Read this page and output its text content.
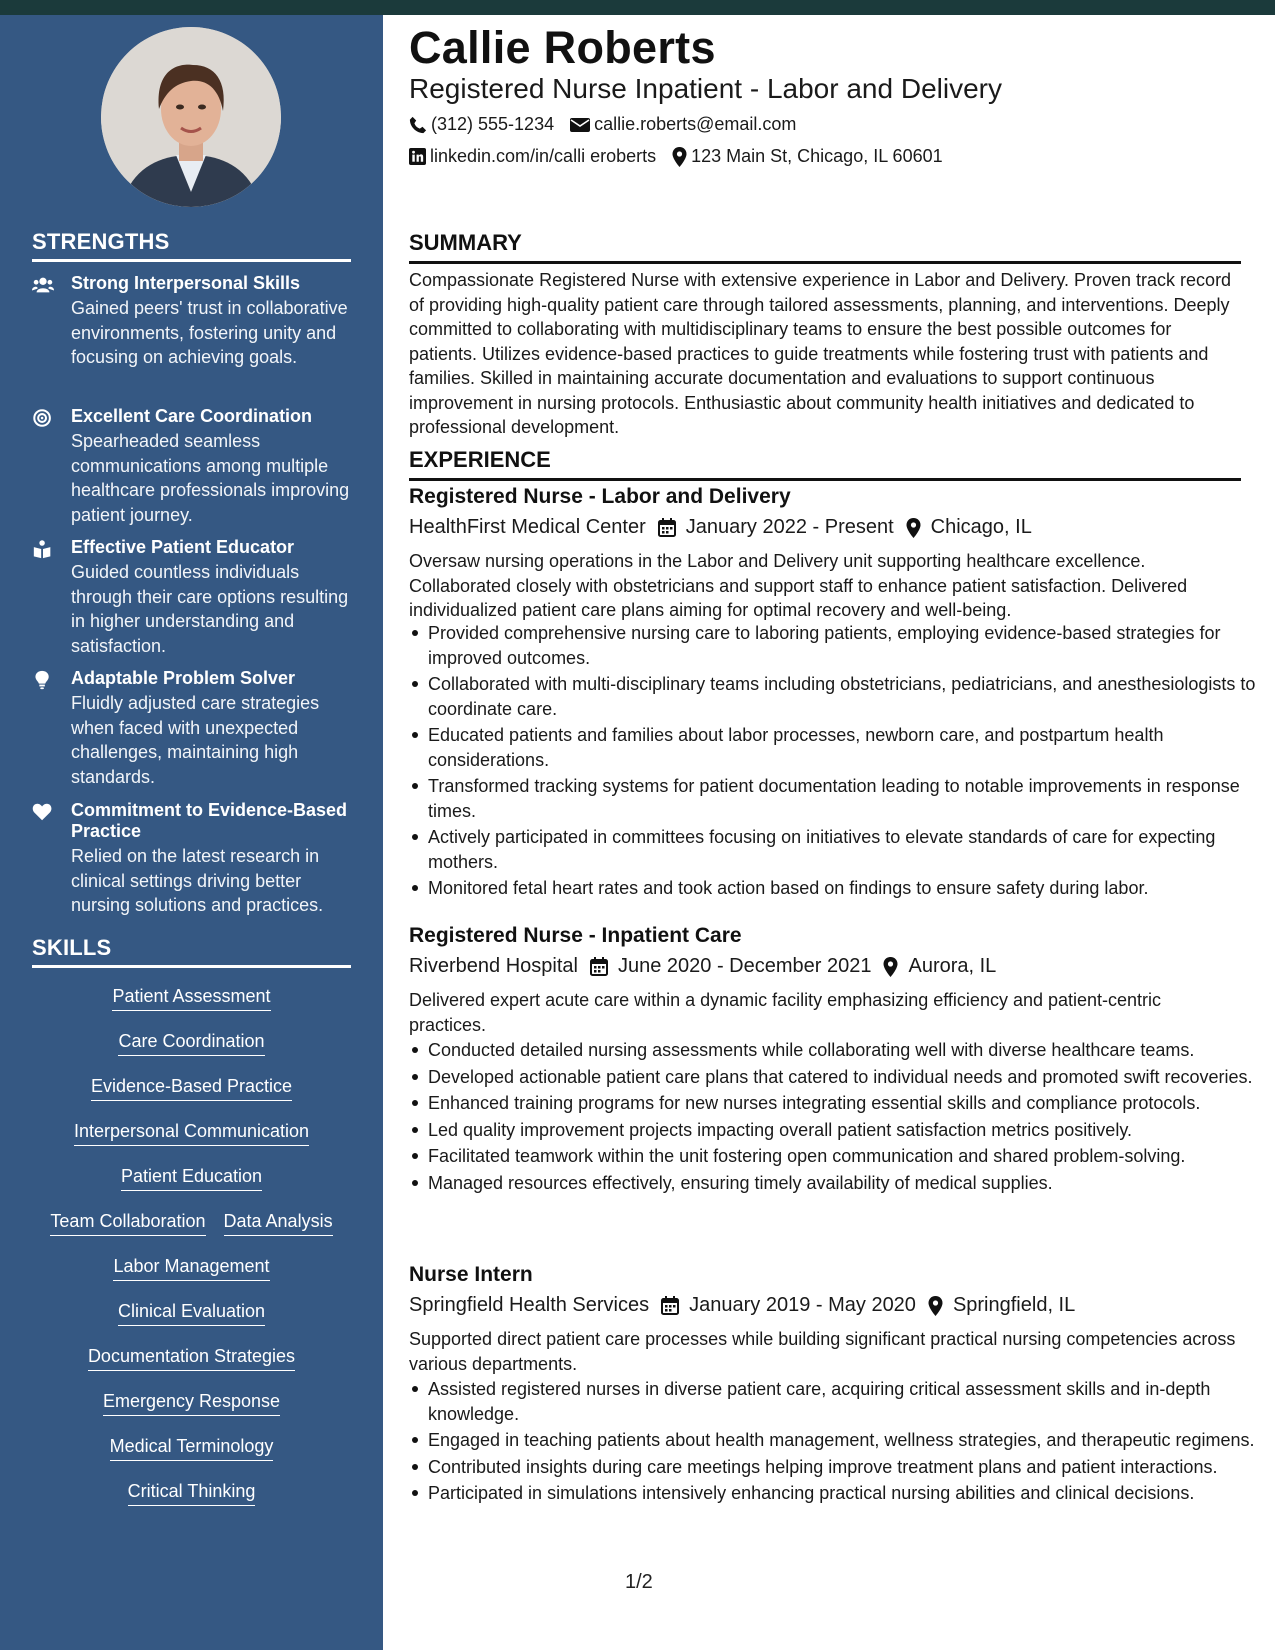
STRENGTHS
Strong Interpersonal Skills
Gained peers' trust in collaborative environments, fostering unity and focusing on achieving goals.
Excellent Care Coordination
Spearheaded seamless communications among multiple healthcare professionals improving patient journey.
Effective Patient Educator
Guided countless individuals through their care options resulting in higher understanding and satisfaction.
Adaptable Problem Solver
Fluidly adjusted care strategies when faced with unexpected challenges, maintaining high standards.
Commitment to Evidence-Based Practice
Relied on the latest research in clinical settings driving better nursing solutions and practices.
SKILLS
Patient Assessment
Care Coordination
Evidence-Based Practice
Interpersonal Communication
Patient Education
Team Collaboration Data Analysis
Labor Management
Clinical Evaluation
Documentation Strategies
Emergency Response
Medical Terminology
Critical Thinking
Callie Roberts
Registered Nurse Inpatient - Labor and Delivery
(312) 555-1234 callie.roberts@email.com
linkedin.com/in/calli eroberts 123 Main St, Chicago, IL 60601
SUMMARY
Compassionate Registered Nurse with extensive experience in Labor and Delivery. Proven track record of providing high-quality patient care through tailored assessments, planning, and interventions. Deeply committed to collaborating with multidisciplinary teams to ensure the best possible outcomes for patients. Utilizes evidence-based practices to guide treatments while fostering trust with patients and families. Skilled in maintaining accurate documentation and evaluations to support continuous improvement in nursing protocols. Enthusiastic about community health initiatives and dedicated to professional development.
EXPERIENCE
Registered Nurse - Labor and Delivery
HealthFirst Medical Center January 2022 - Present Chicago, IL
Oversaw nursing operations in the Labor and Delivery unit supporting healthcare excellence. Collaborated closely with obstetricians and support staff to enhance patient satisfaction. Delivered individualized patient care plans aiming for optimal recovery and well-being.
Provided comprehensive nursing care to laboring patients, employing evidence-based strategies for improved outcomes.
Collaborated with multi-disciplinary teams including obstetricians, pediatricians, and anesthesiologists to coordinate care.
Educated patients and families about labor processes, newborn care, and postpartum health considerations.
Transformed tracking systems for patient documentation leading to notable improvements in response times.
Actively participated in committees focusing on initiatives to elevate standards of care for expecting mothers.
Monitored fetal heart rates and took action based on findings to ensure safety during labor.
Registered Nurse - Inpatient Care
Riverbend Hospital June 2020 - December 2021 Aurora, IL
Delivered expert acute care within a dynamic facility emphasizing efficiency and patient-centric practices.
Conducted detailed nursing assessments while collaborating well with diverse healthcare teams.
Developed actionable patient care plans that catered to individual needs and promoted swift recoveries.
Enhanced training programs for new nurses integrating essential skills and compliance protocols.
Led quality improvement projects impacting overall patient satisfaction metrics positively.
Facilitated teamwork within the unit fostering open communication and shared problem-solving.
Managed resources effectively, ensuring timely availability of medical supplies.
Nurse Intern
Springfield Health Services January 2019 - May 2020 Springfield, IL
Supported direct patient care processes while building significant practical nursing competencies across various departments.
Assisted registered nurses in diverse patient care, acquiring critical assessment skills and in-depth knowledge.
Engaged in teaching patients about health management, wellness strategies, and therapeutic regimens.
Contributed insights during care meetings helping improve treatment plans and patient interactions.
Participated in simulations intensively enhancing practical nursing abilities and clinical decisions.
1/2
